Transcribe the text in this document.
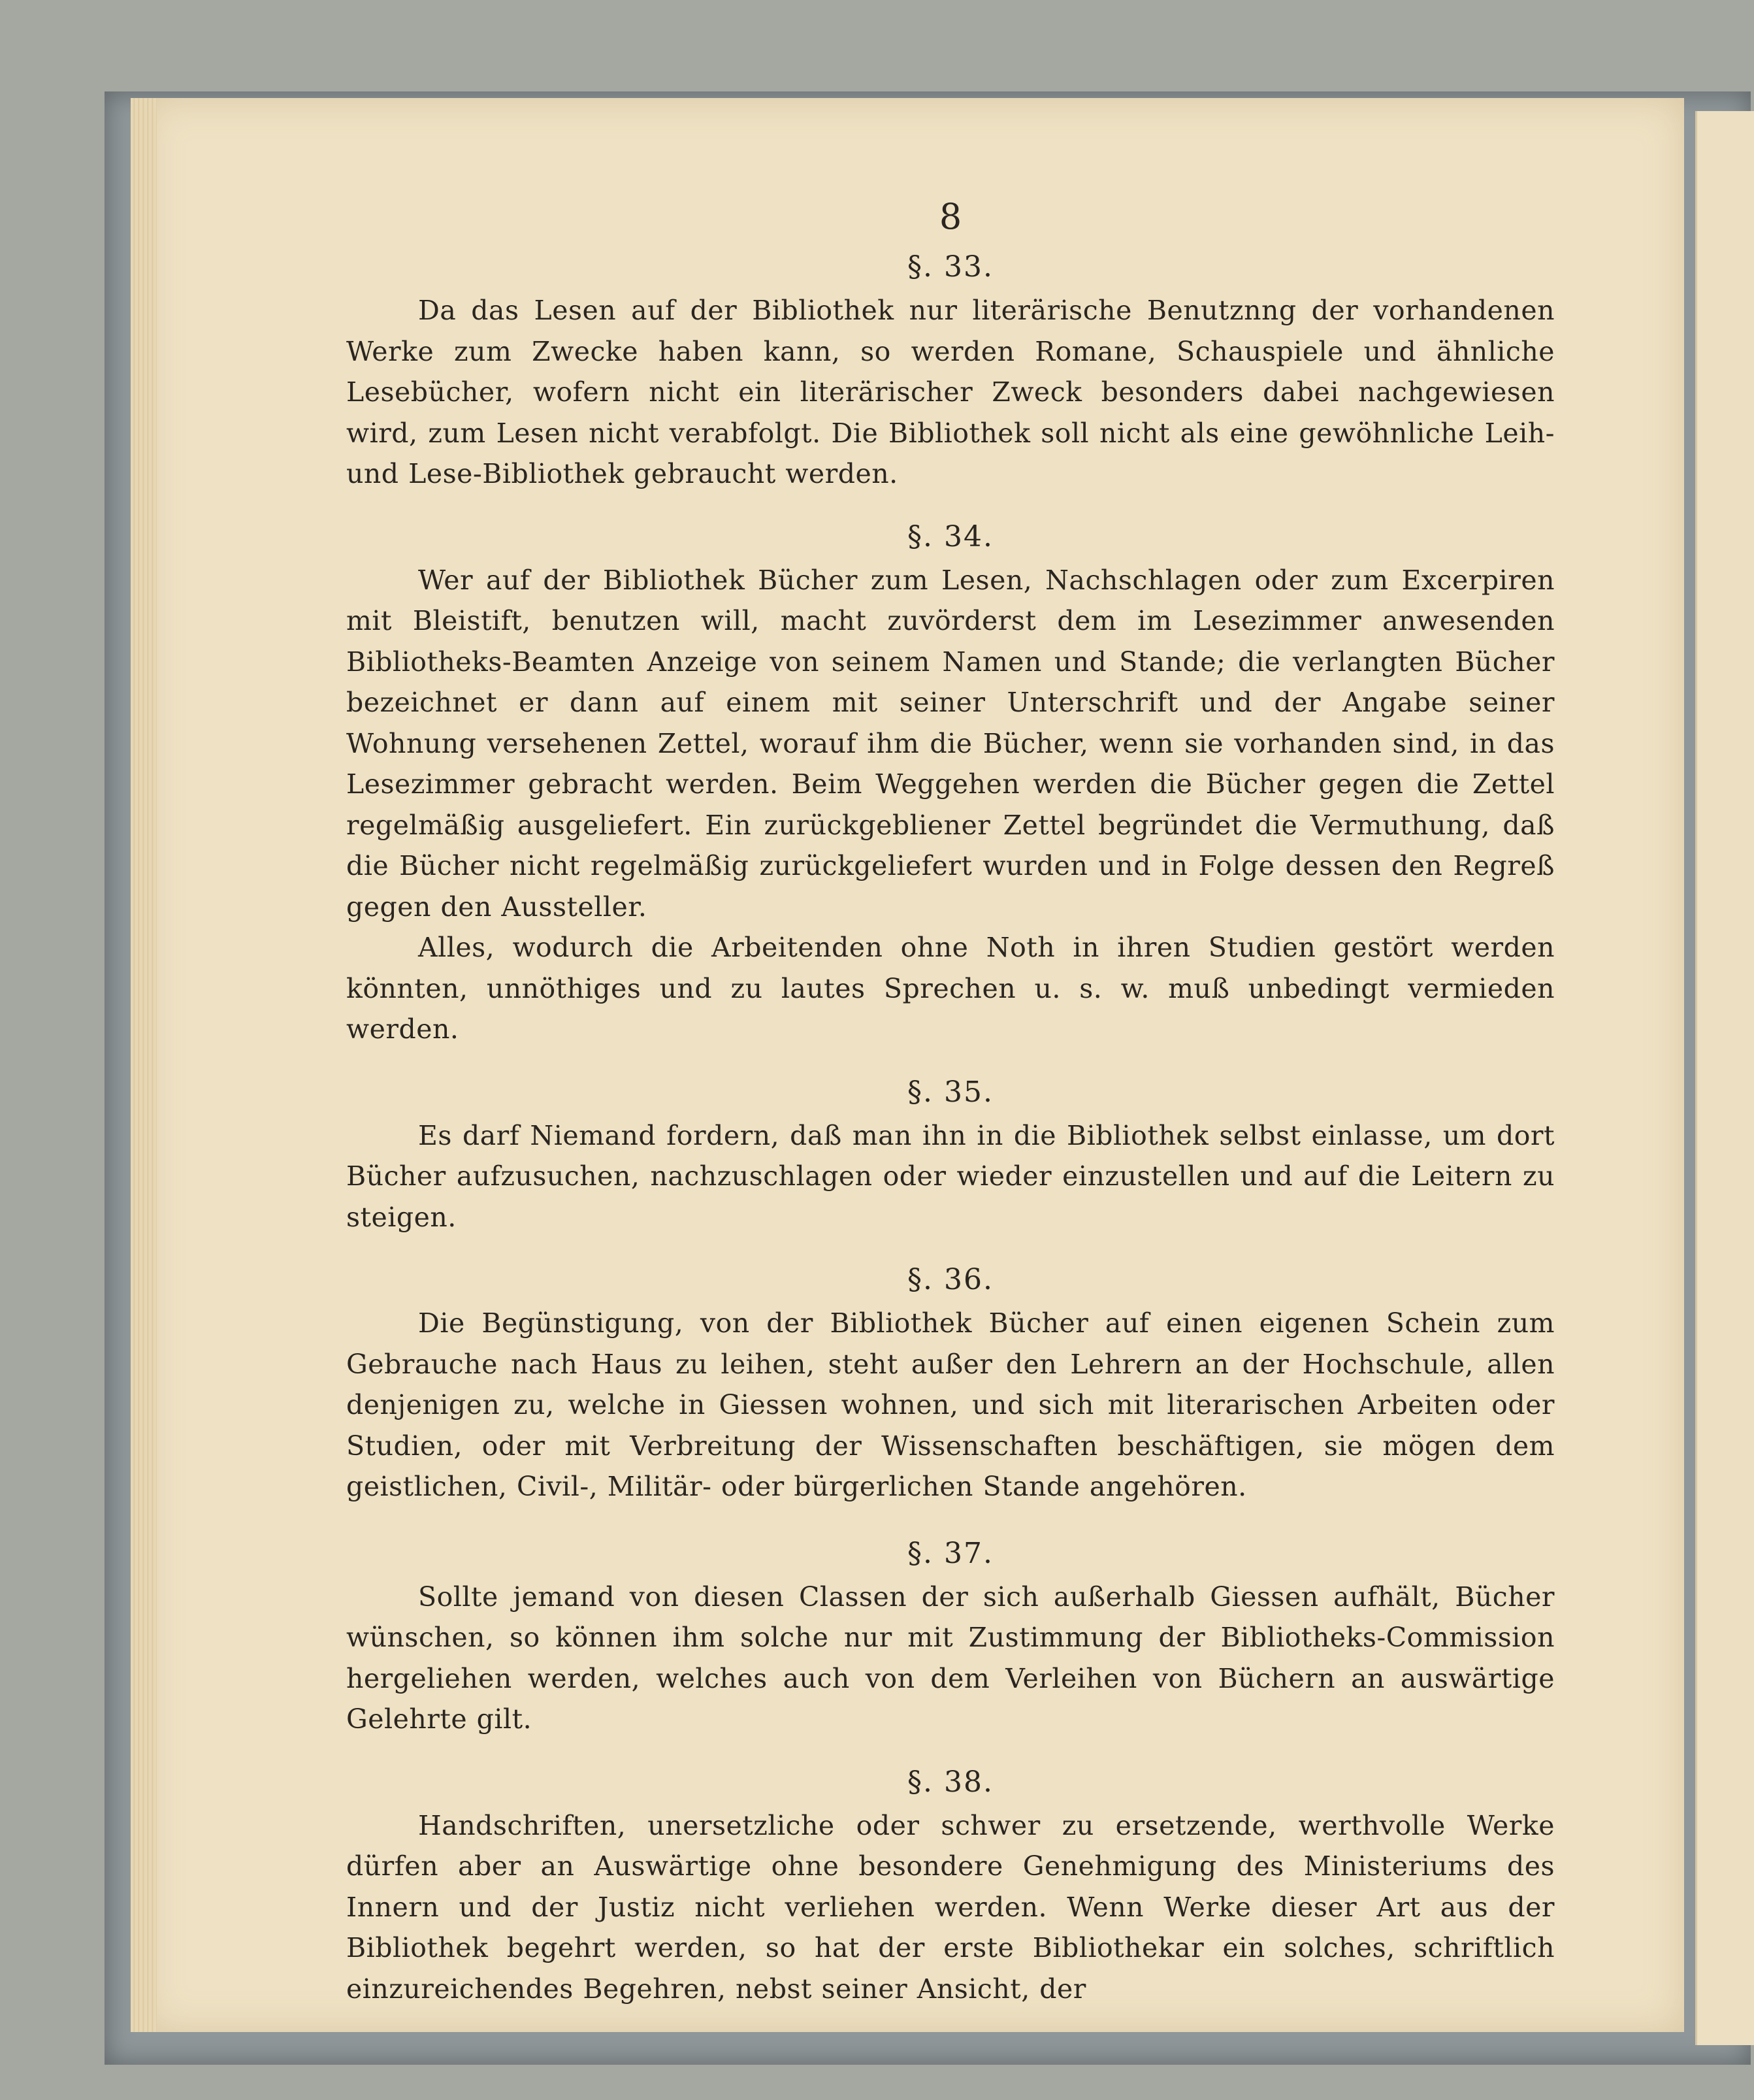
8

§. 33.

Da das Lesen auf der Bibliothek nur literärische Benutznng der vorhandenen Werke zum Zwecke haben kann, so werden Romane, Schauspiele und ähnliche Lesebücher, wofern nicht ein literärischer Zweck besonders dabei nachgewiesen wird, zum Lesen nicht verabfolgt. Die Bibliothek soll nicht als eine gewöhnliche Leih- und Lese-Bibliothek gebraucht werden.

§. 34.

Wer auf der Bibliothek Bücher zum Lesen, Nachschlagen oder zum Excerpiren mit Bleistift, benutzen will, macht zuvörderst dem im Lesezimmer anwesenden Bibliotheks-Beamten Anzeige von seinem Namen und Stande; die verlangten Bücher bezeichnet er dann auf einem mit seiner Unterschrift und der Angabe seiner Wohnung versehenen Zettel, worauf ihm die Bücher, wenn sie vorhanden sind, in das Lesezimmer gebracht werden. Beim Weggehen werden die Bücher gegen die Zettel regelmäßig ausgeliefert. Ein zurückgebliener Zettel begründet die Vermuthung, daß die Bücher nicht regelmäßig zurückgeliefert wurden und in Folge dessen den Regreß gegen den Aussteller.

Alles, wodurch die Arbeitenden ohne Noth in ihren Studien gestört werden könnten, unnöthiges und zu lautes Sprechen u. s. w. muß unbedingt vermieden werden.

§. 35.

Es darf Niemand fordern, daß man ihn in die Bibliothek selbst einlasse, um dort Bücher aufzusuchen, nachzuschlagen oder wieder einzustellen und auf die Leitern zu steigen.

§. 36.

Die Begünstigung, von der Bibliothek Bücher auf einen eigenen Schein zum Gebrauche nach Haus zu leihen, steht außer den Lehrern an der Hochschule, allen denjenigen zu, welche in Giessen wohnen, und sich mit literarischen Arbeiten oder Studien, oder mit Verbreitung der Wissenschaften beschäftigen, sie mögen dem geistlichen, Civil-, Militär- oder bürgerlichen Stande angehören.

§. 37.

Sollte jemand von diesen Classen der sich außerhalb Giessen aufhält, Bücher wünschen, so können ihm solche nur mit Zustimmung der Bibliotheks-Commission hergeliehen werden, welches auch von dem Verleihen von Büchern an auswärtige Gelehrte gilt.

§. 38.

Handschriften, unersetzliche oder schwer zu ersetzende, werthvolle Werke dürfen aber an Auswärtige ohne besondere Genehmigung des Ministeriums des Innern und der Justiz nicht verliehen werden. Wenn Werke dieser Art aus der Bibliothek begehrt werden, so hat der erste Bibliothekar ein solches, schriftlich einzureichendes Begehren, nebst seiner Ansicht, der
